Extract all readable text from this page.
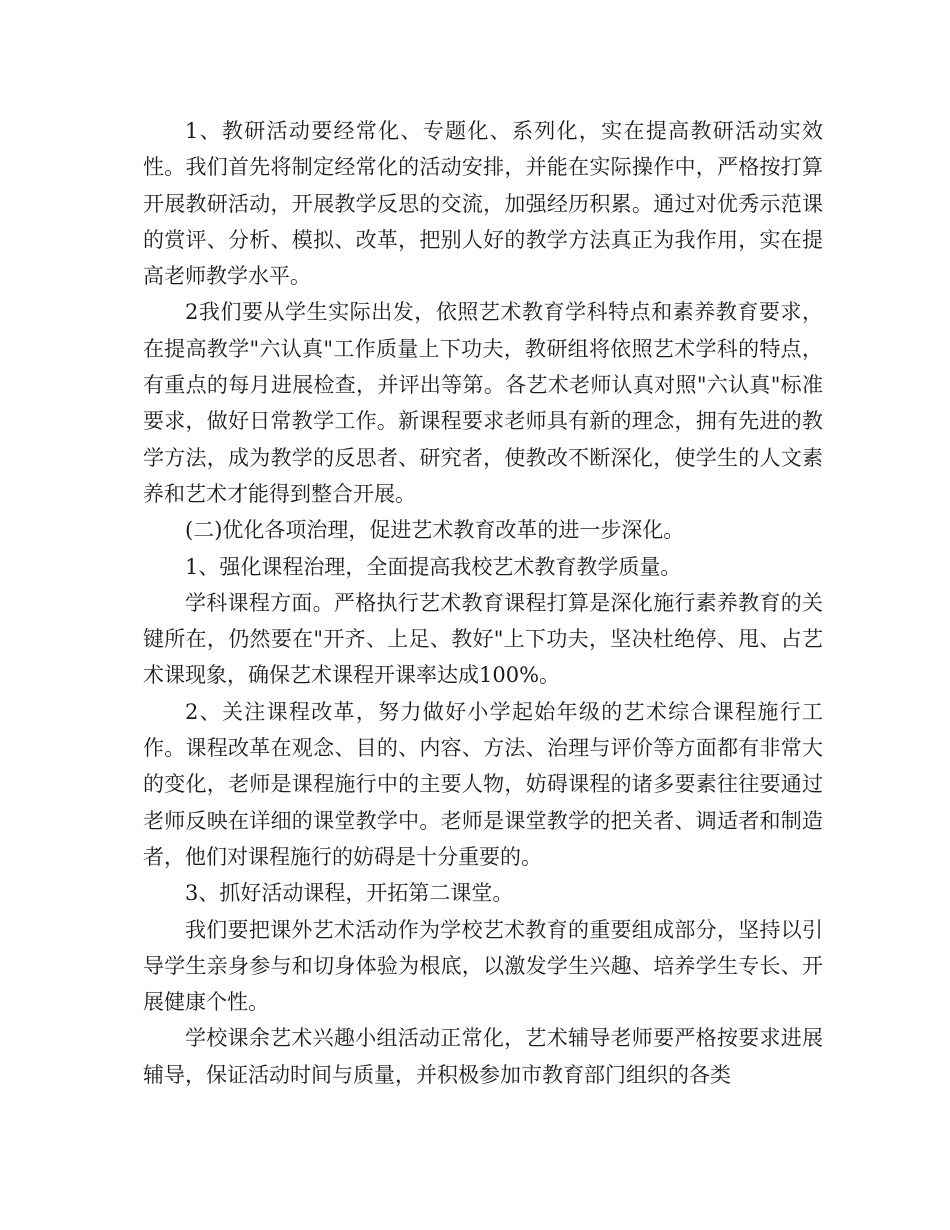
1、教研活动要经常化、专题化、系列化，实在提高教研活动实效性。我们首先将制定经常化的活动安排，并能在实际操作中，严格按打算开展教研活动，开展教学反思的交流，加强经历积累。通过对优秀示范课的赏评、分析、模拟、改革，把别人好的教学方法真正为我作用，实在提高老师教学水平。

2我们要从学生实际出发，依照艺术教育学科特点和素养教育要求，在提高教学"六认真"工作质量上下功夫，教研组将依照艺术学科的特点，有重点的每月进展检查，并评出等第。各艺术老师认真对照"六认真"标准要求，做好日常教学工作。新课程要求老师具有新的理念，拥有先进的教学方法，成为教学的反思者、研究者，使教改不断深化，使学生的人文素养和艺术才能得到整合开展。

(二)优化各项治理，促进艺术教育改革的进一步深化。

1、强化课程治理，全面提高我校艺术教育教学质量。

学科课程方面。严格执行艺术教育课程打算是深化施行素养教育的关键所在，仍然要在"开齐、上足、教好"上下功夫，坚决杜绝停、甩、占艺术课现象，确保艺术课程开课率达成100%。

2、关注课程改革，努力做好小学起始年级的艺术综合课程施行工作。课程改革在观念、目的、内容、方法、治理与评价等方面都有非常大的变化，老师是课程施行中的主要人物，妨碍课程的诸多要素往往要通过老师反映在详细的课堂教学中。老师是课堂教学的把关者、调适者和制造者，他们对课程施行的妨碍是十分重要的。

3、抓好活动课程，开拓第二课堂。

我们要把课外艺术活动作为学校艺术教育的重要组成部分，坚持以引导学生亲身参与和切身体验为根底，以激发学生兴趣、培养学生专长、开展健康个性。

学校课余艺术兴趣小组活动正常化，艺术辅导老师要严格按要求进展辅导，保证活动时间与质量，并积极参加市教育部门组织的各类
